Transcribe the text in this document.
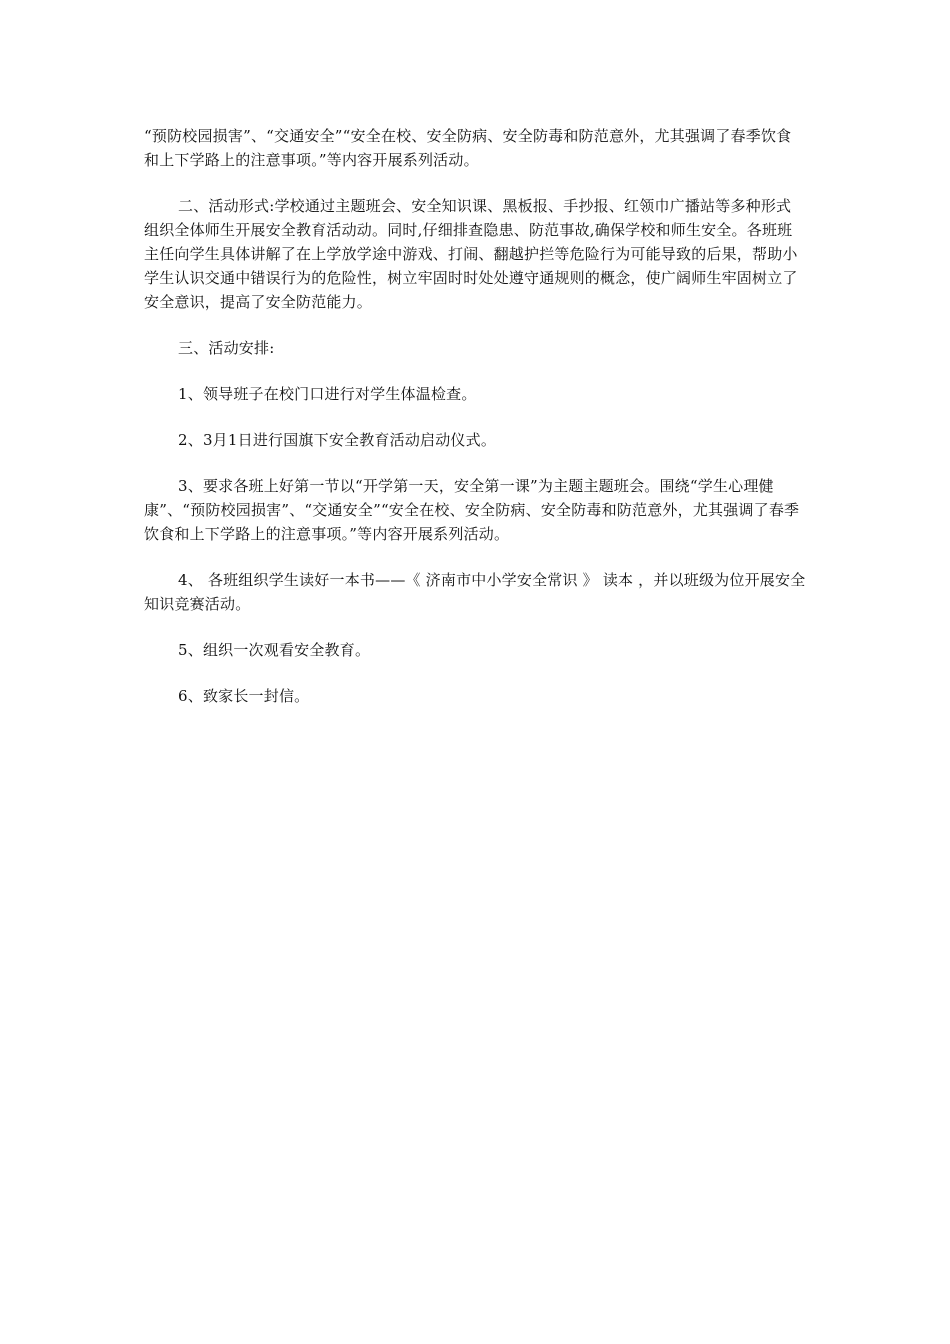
“预防校园损害”、“交通安全”“安全在校、安全防病、安全防毒和防范意外，尤其强调了春季饮食和上下学路上的注意事项。”等内容开展系列活动。

二、活动形式:学校通过主题班会、安全知识课、黑板报、手抄报、红领巾广播站等多种形式组织全体师生开展安全教育活动动。同时,仔细排查隐患、防范事故,确保学校和师生安全。各班班主任向学生具体讲解了在上学放学途中游戏、打闹、翻越护拦等危险行为可能导致的后果，帮助小学生认识交通中错误行为的危险性，树立牢固时时处处遵守通规则的概念，使广阔师生牢固树立了安全意识，提高了安全防范能力。

三、活动安排:

1、领导班子在校门口进行对学生体温检查。

2、3月1日进行国旗下安全教育活动启动仪式。

3、要求各班上好第一节以“开学第一天，安全第一课”为主题主题班会。围绕“学生心理健康”、“预防校园损害”、“交通安全”“安全在校、安全防病、安全防毒和防范意外，尤其强调了春季饮食和上下学路上的注意事项。”等内容开展系列活动。

4、 各班组织学生读好一本书——《 济南市中小学安全常识 》 读本 ，并以班级为位开展安全知识竞赛活动。

5、组织一次观看安全教育。

6、致家长一封信。
